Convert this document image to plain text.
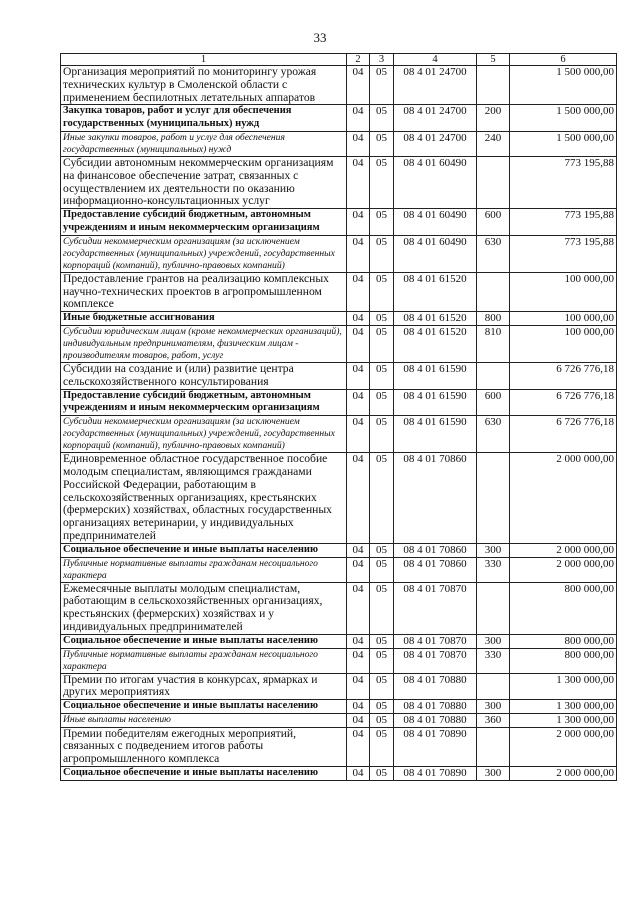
33
1	2	3	4	5	6
Организация мероприятий по мониторингу урожая технических культур в Смоленской области с применением беспилотных летательных аппаратов	04	05	08 4 01 24700		1 500 000,00
Закупка товаров, работ и услуг для обеспечения государственных (муниципальных) нужд	04	05	08 4 01 24700	200	1 500 000,00
Иные закупки товаров, работ и услуг для обеспечения государственных (муниципальных) нужд	04	05	08 4 01 24700	240	1 500 000,00
Субсидии автономным некоммерческим организациям на финансовое обеспечение затрат, связанных с осуществлением их деятельности по оказанию информационно-консультационных услуг	04	05	08 4 01 60490		773 195,88
Предоставление субсидий бюджетным, автономным учреждениям и иным некоммерческим организациям	04	05	08 4 01 60490	600	773 195,88
Субсидии некоммерческим организациям (за исключением государственных (муниципальных) учреждений, государственных корпораций (компаний), публично-правовых компаний)	04	05	08 4 01 60490	630	773 195,88
Предоставление грантов на реализацию комплексных научно-технических проектов в агропромышленном комплексе	04	05	08 4 01 61520		100 000,00
Иные бюджетные ассигнования	04	05	08 4 01 61520	800	100 000,00
Субсидии юридическим лицам (кроме некоммерческих организаций), индивидуальным предпринимателям, физическим лицам - производителям товаров, работ, услуг	04	05	08 4 01 61520	810	100 000,00
Субсидии на создание и (или) развитие центра сельскохозяйственного консультирования	04	05	08 4 01 61590		6 726 776,18
Предоставление субсидий бюджетным, автономным учреждениям и иным некоммерческим организациям	04	05	08 4 01 61590	600	6 726 776,18
Субсидии некоммерческим организациям (за исключением государственных (муниципальных) учреждений, государственных корпораций (компаний), публично-правовых компаний)	04	05	08 4 01 61590	630	6 726 776,18
Единовременное областное государственное пособие молодым специалистам, являющимся гражданами Российской Федерации, работающим в сельскохозяйственных организациях, крестьянских (фермерских) хозяйствах, областных государственных организациях ветеринарии, у индивидуальных предпринимателей	04	05	08 4 01 70860		2 000 000,00
Социальное обеспечение и иные выплаты населению	04	05	08 4 01 70860	300	2 000 000,00
Публичные нормативные выплаты гражданам несоциального характера	04	05	08 4 01 70860	330	2 000 000,00
Ежемесячные выплаты молодым специалистам, работающим в сельскохозяйственных организациях, крестьянских (фермерских) хозяйствах и у индивидуальных предпринимателей	04	05	08 4 01 70870		800 000,00
Социальное обеспечение и иные выплаты населению	04	05	08 4 01 70870	300	800 000,00
Публичные нормативные выплаты гражданам несоциального характера	04	05	08 4 01 70870	330	800 000,00
Премии по итогам участия в конкурсах, ярмарках и других мероприятиях	04	05	08 4 01 70880		1 300 000,00
Социальное обеспечение и иные выплаты населению	04	05	08 4 01 70880	300	1 300 000,00
Иные выплаты населению	04	05	08 4 01 70880	360	1 300 000,00
Премии победителям ежегодных мероприятий, связанных с подведением итогов работы агропромышленного комплекса	04	05	08 4 01 70890		2 000 000,00
Социальное обеспечение и иные выплаты населению	04	05	08 4 01 70890	300	2 000 000,00
